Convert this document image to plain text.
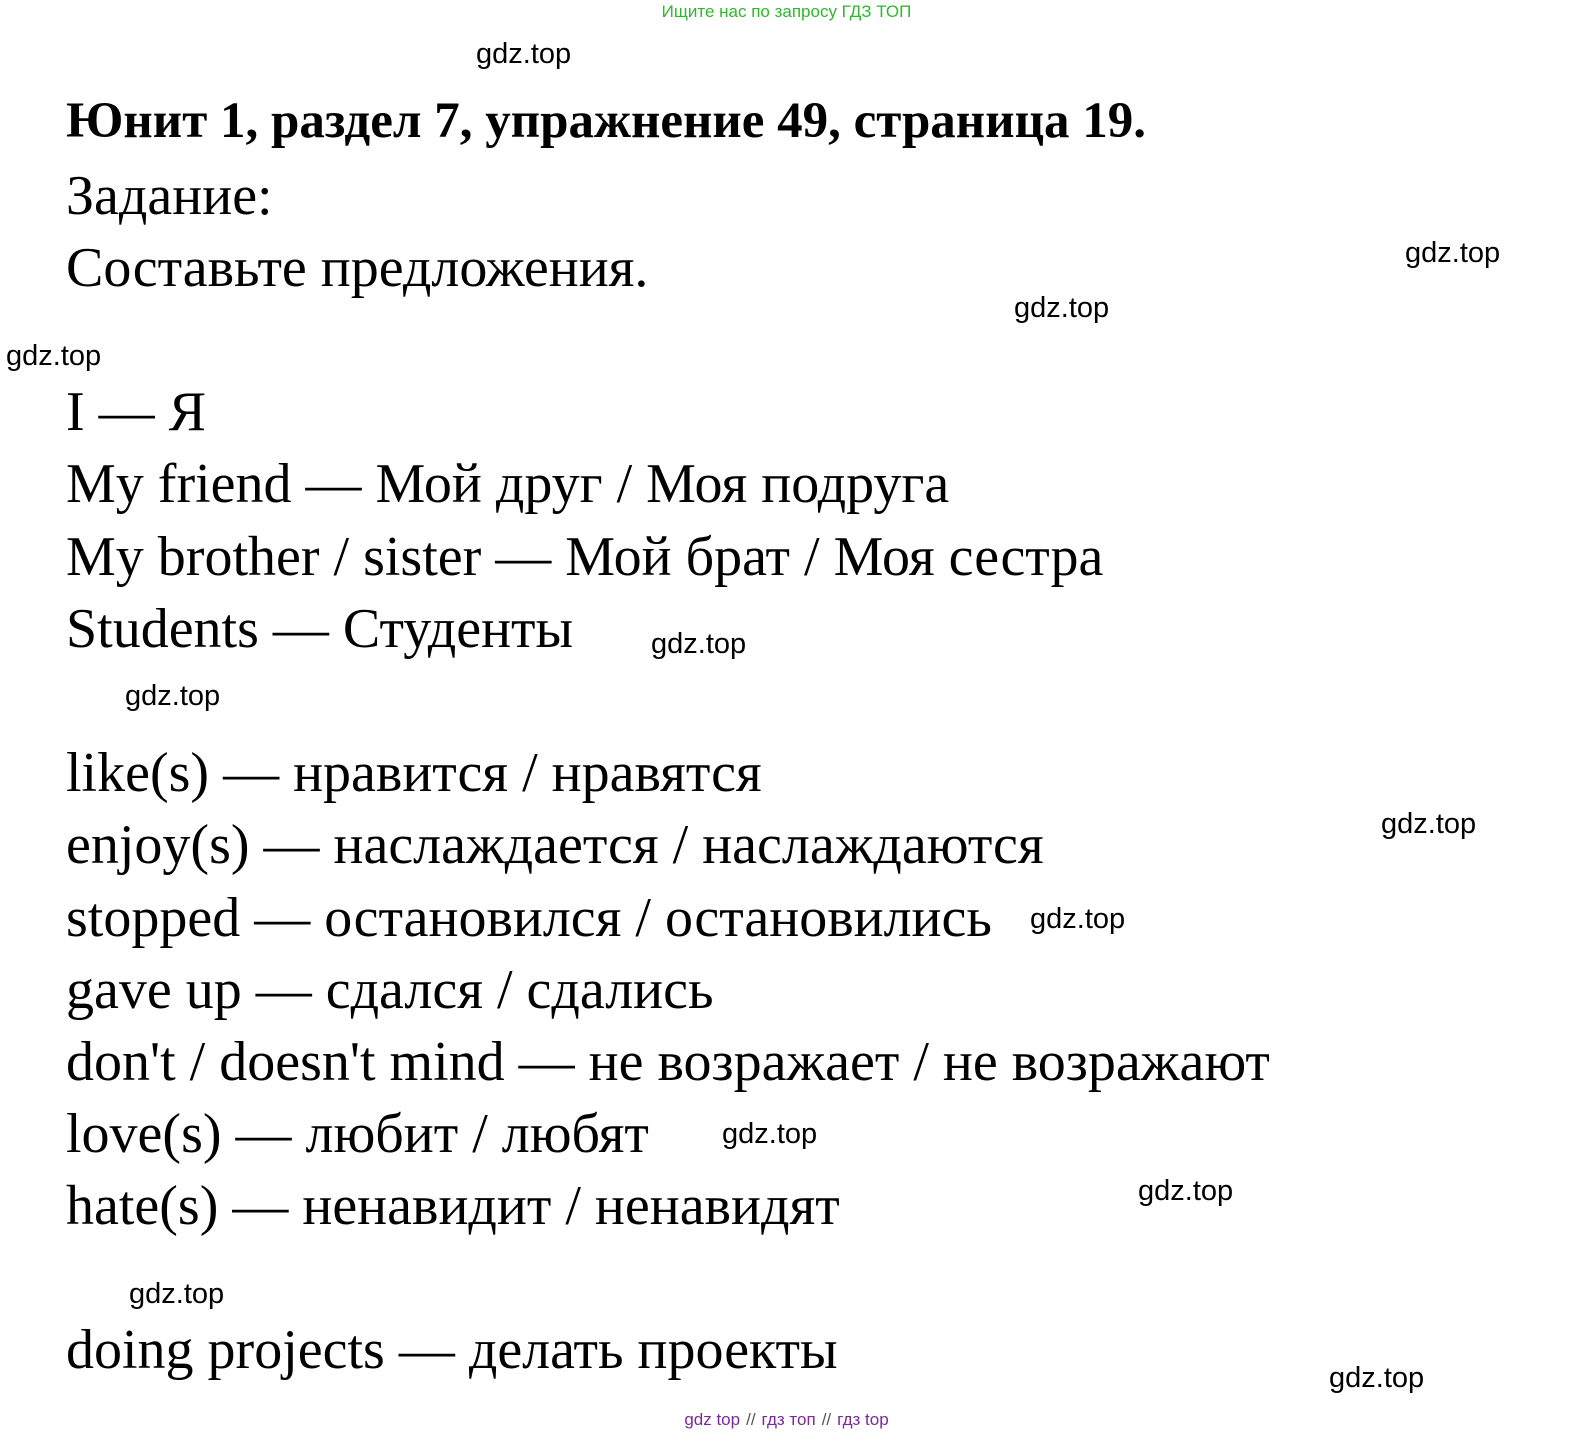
Ищите нас по запросу ГДЗ ТОП
gdz.top
Юнит 1, раздел 7, упражнение 49, страница 19.
Задание:
Составьте предложения.	gdz.top
gdz.top
gdz.top
I — Я
My friend — Мой друг / Моя подруга
My brother / sister — Мой брат / Моя сестра
Students — Студенты	gdz.top
gdz.top
like(s) — нравится / нравятся
enjoy(s) — наслаждается / наслаждаются
stopped — остановился / остановились
gave up — сдался / сдались
don't / doesn't mind — не возражает / не возражают
love(s) — любит / любят
hate(s) — ненавидит / ненавидят
gdz.top
gdz.top
gdz.top
gdz.top
gdz.top
doing projects — делать проекты	gdz.top
gdz top // гдз топ // гдз top
